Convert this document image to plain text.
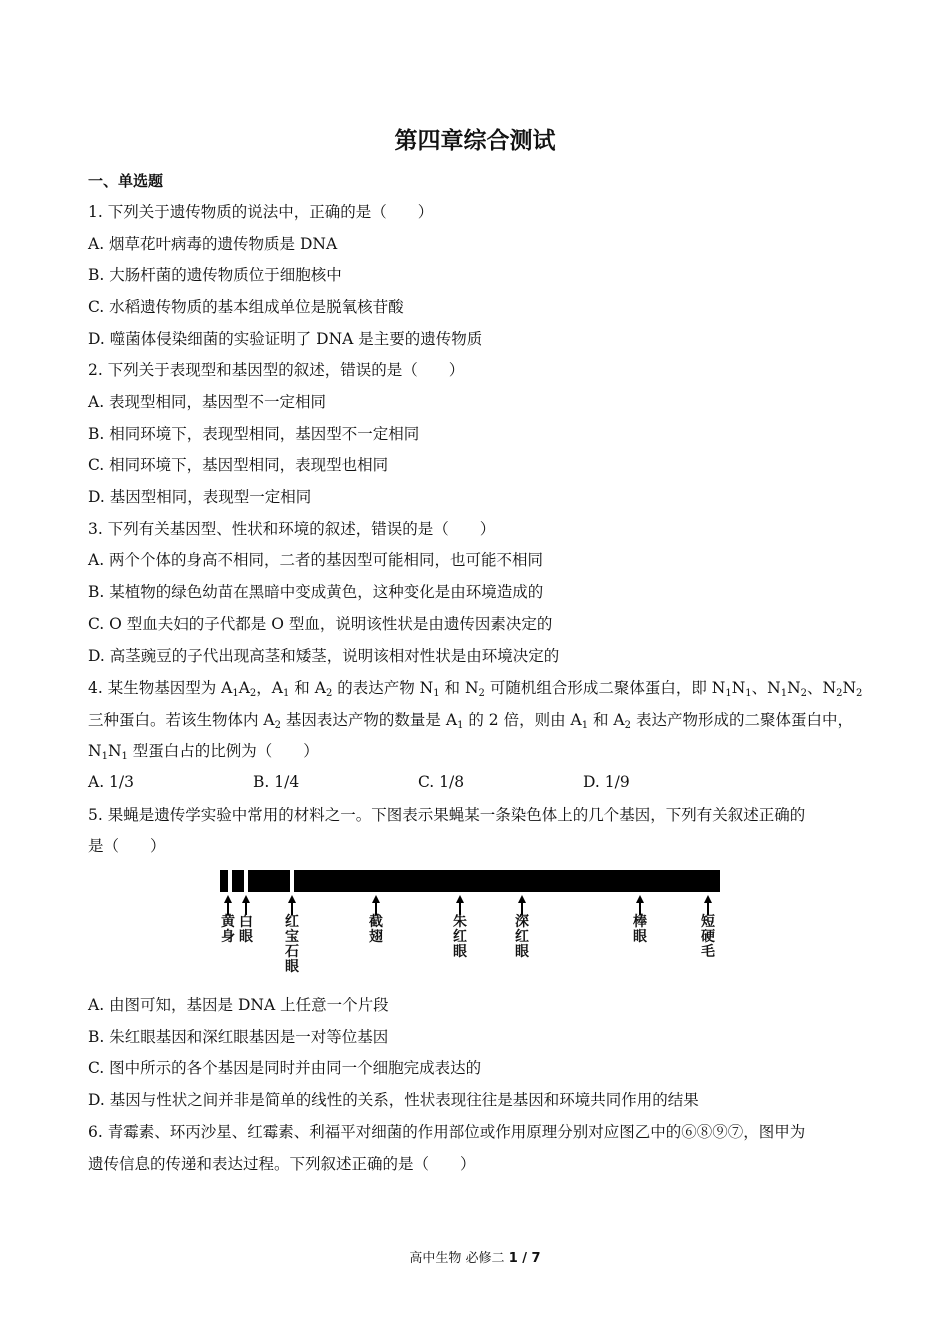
第四章综合测试
一、单选题
1. 下列关于遗传物质的说法中，正确的是（　　）
A. 烟草花叶病毒的遗传物质是 DNA
B. 大肠杆菌的遗传物质位于细胞核中
C. 水稻遗传物质的基本组成单位是脱氧核苷酸
D. 噬菌体侵染细菌的实验证明了 DNA 是主要的遗传物质
2. 下列关于表现型和基因型的叙述，错误的是（　　）
A. 表现型相同，基因型不一定相同
B. 相同环境下，表现型相同，基因型不一定相同
C. 相同环境下，基因型相同，表现型也相同
D. 基因型相同，表现型一定相同
3. 下列有关基因型、性状和环境的叙述，错误的是（　　）
A. 两个个体的身高不相同，二者的基因型可能相同，也可能不相同
B. 某植物的绿色幼苗在黑暗中变成黄色，这种变化是由环境造成的
C. O 型血夫妇的子代都是 O 型血，说明该性状是由遗传因素决定的
D. 高茎豌豆的子代出现高茎和矮茎，说明该相对性状是由环境决定的
4. 某生物基因型为 $A_1A_2$，$A_1$ 和 $A_2$ 的表达产物 $N_1$ 和 $N_2$ 可随机组合形成二聚体蛋白，即 $N_1N_1$、$N_1N_2$、$N_2N_2$
三种蛋白。若该生物体内 $A_2$ 基因表达产物的数量是 $A_1$ 的 2 倍，则由 $A_1$ 和 $A_2$ 表达产物形成的二聚体蛋白中，
$N_1N_1$ 型蛋白占的比例为（　　）
A. 1/3	B. 1/4	C. 1/8	D. 1/9
5. 果蝇是遗传学实验中常用的材料之一。下图表示果蝇某一条染色体上的几个基因，下列有关叙述正确的
是（　　）
黄身
白眼
红宝石眼
截翅
朱红眼
深红眼
棒眼
短硬毛
A. 由图可知，基因是 DNA 上任意一个片段
B. 朱红眼基因和深红眼基因是一对等位基因
C. 图中所示的各个基因是同时并由同一个细胞完成表达的
D. 基因与性状之间并非是简单的线性的关系，性状表现往往是基因和环境共同作用的结果
6. 青霉素、环丙沙星、红霉素、利福平对细菌的作用部位或作用原理分别对应图乙中的⑥⑧⑨⑦，图甲为
遗传信息的传递和表达过程。下列叙述正确的是（　　）
高中生物 必修二 1 / 7
